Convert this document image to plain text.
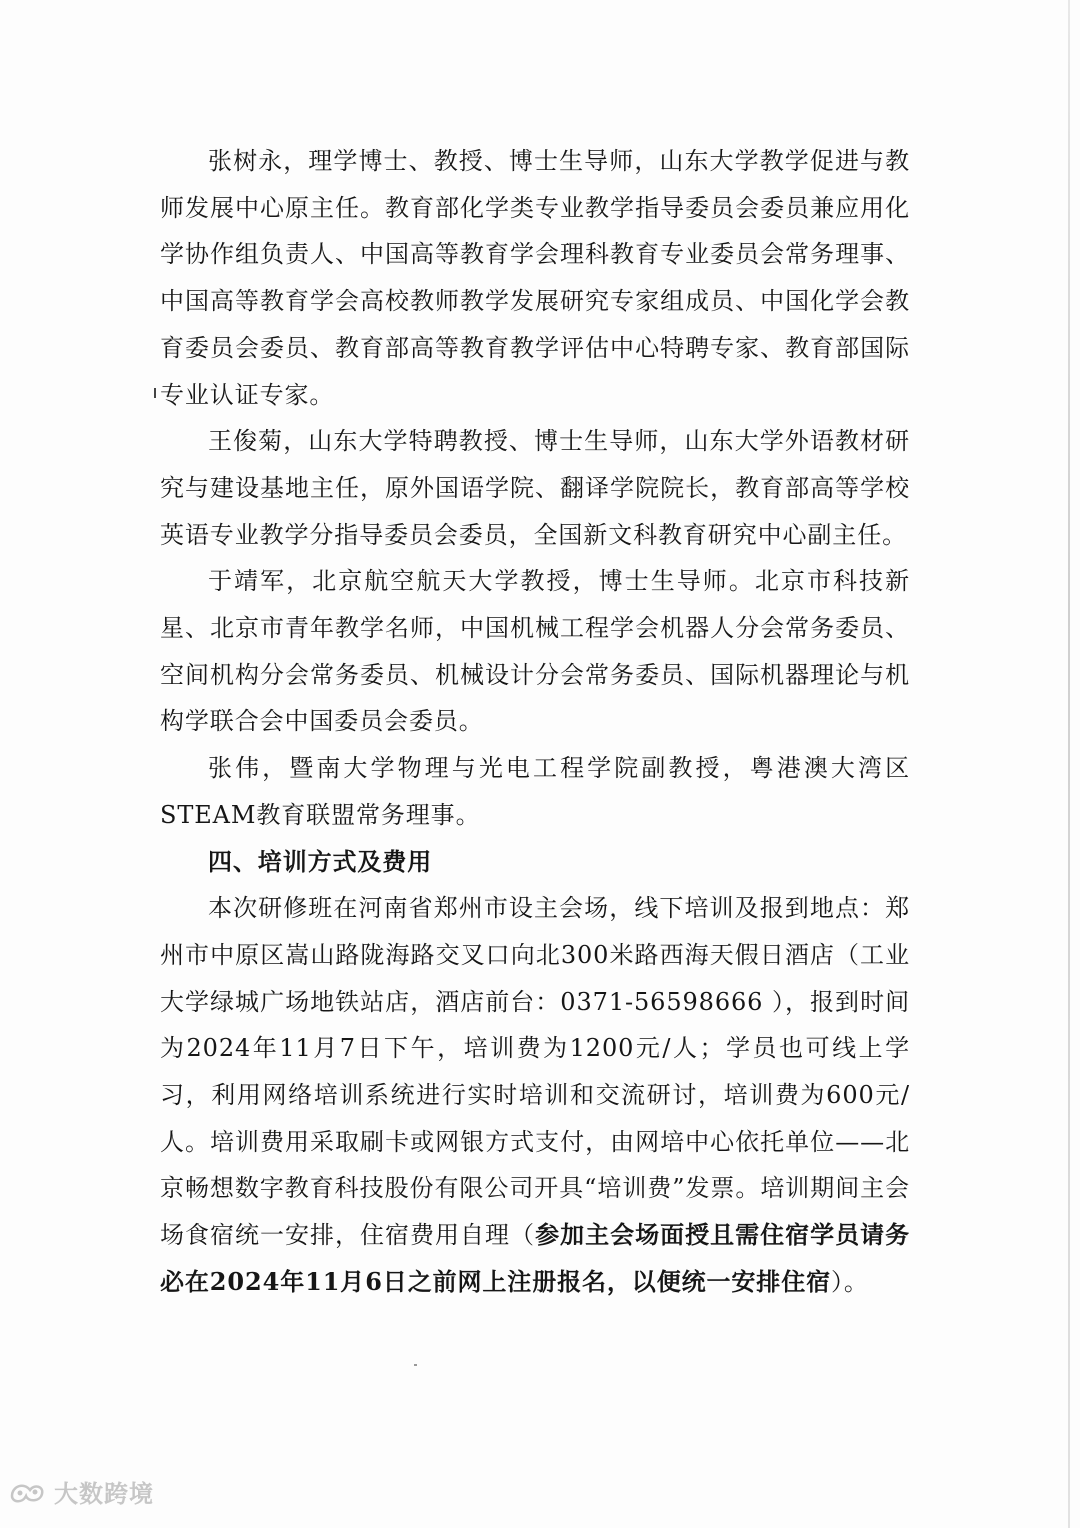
张树永，理学博士、教授、博士生导师，山东大学教学促进与教师发展中心原主任。教育部化学类专业教学指导委员会委员兼应用化学协作组负责人、中国高等教育学会理科教育专业委员会常务理事、中国高等教育学会高校教师教学发展研究专家组成员、中国化学会教育委员会委员、教育部高等教育教学评估中心特聘专家、教育部国际专业认证专家。

王俊菊，山东大学特聘教授、博士生导师，山东大学外语教材研究与建设基地主任，原外国语学院、翻译学院院长，教育部高等学校英语专业教学分指导委员会委员，全国新文科教育研究中心副主任。

于靖军，北京航空航天大学教授，博士生导师。北京市科技新星、北京市青年教学名师，中国机械工程学会机器人分会常务委员、空间机构分会常务委员、机械设计分会常务委员、国际机器理论与机构学联合会中国委员会委员。

张伟，暨南大学物理与光电工程学院副教授，粤港澳大湾区STEAM教育联盟常务理事。

四、培训方式及费用

本次研修班在河南省郑州市设主会场，线下培训及报到地点：郑州市中原区嵩山路陇海路交叉口向北300米路西海天假日酒店（工业大学绿城广场地铁站店，酒店前台：0371-56598666 ），报到时间为2024年11月7日下午，培训费为1200元/人；学员也可线上学习，利用网络培训系统进行实时培训和交流研讨，培训费为600元/人。培训费用采取刷卡或网银方式支付，由网培中心依托单位——北京畅想数字教育科技股份有限公司开具“培训费”发票。培训期间主会场食宿统一安排，住宿费用自理（参加主会场面授且需住宿学员请务必在2024年11月6日之前网上注册报名，以便统一安排住宿）。

大数跨境
